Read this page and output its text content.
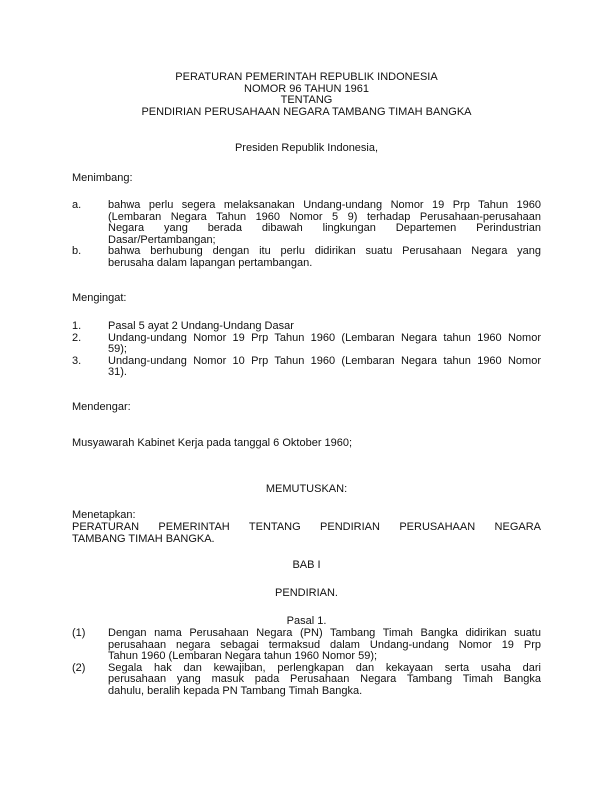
PERATURAN PEMERINTAH REPUBLIK INDONESIA
NOMOR 96 TAHUN 1961
TENTANG
PENDIRIAN PERUSAHAAN NEGARA TAMBANG TIMAH BANGKA
Presiden Republik Indonesia,
Menimbang:
a. bahwa perlu segera melaksanakan Undang-undang Nomor 19 Prp Tahun 1960
(Lembaran Negara Tahun 1960 Nomor 5 9) terhadap Perusahaan-perusahaan
Negara yang berada dibawah lingkungan Departemen Perindustrian
Dasar/Pertambangan;
b. bahwa berhubung dengan itu perlu didirikan suatu Perusahaan Negara yang
berusaha dalam lapangan pertambangan.
Mengingat:
1. Pasal 5 ayat 2 Undang-Undang Dasar
2. Undang-undang Nomor 19 Prp Tahun 1960 (Lembaran Negara tahun 1960 Nomor
59);
3. Undang-undang Nomor 10 Prp Tahun 1960 (Lembaran Negara tahun 1960 Nomor
31).
Mendengar:
Musyawarah Kabinet Kerja pada tanggal 6 Oktober 1960;
MEMUTUSKAN:
Menetapkan:
PERATURAN PEMERINTAH TENTANG PENDIRIAN PERUSAHAAN NEGARA
TAMBANG TIMAH BANGKA.
BAB I
PENDIRIAN.
Pasal 1.
(1) Dengan nama Perusahaan Negara (PN) Tambang Timah Bangka didirikan suatu
perusahaan negara sebagai termaksud dalam Undang-undang Nomor 19 Prp
Tahun 1960 (Lembaran Negara tahun 1960 Nomor 59);
(2) Segala hak dan kewajiban, perlengkapan dan kekayaan serta usaha dari
perusahaan yang masuk pada Perusahaan Negara Tambang Timah Bangka
dahulu, beralih kepada PN Tambang Timah Bangka.
